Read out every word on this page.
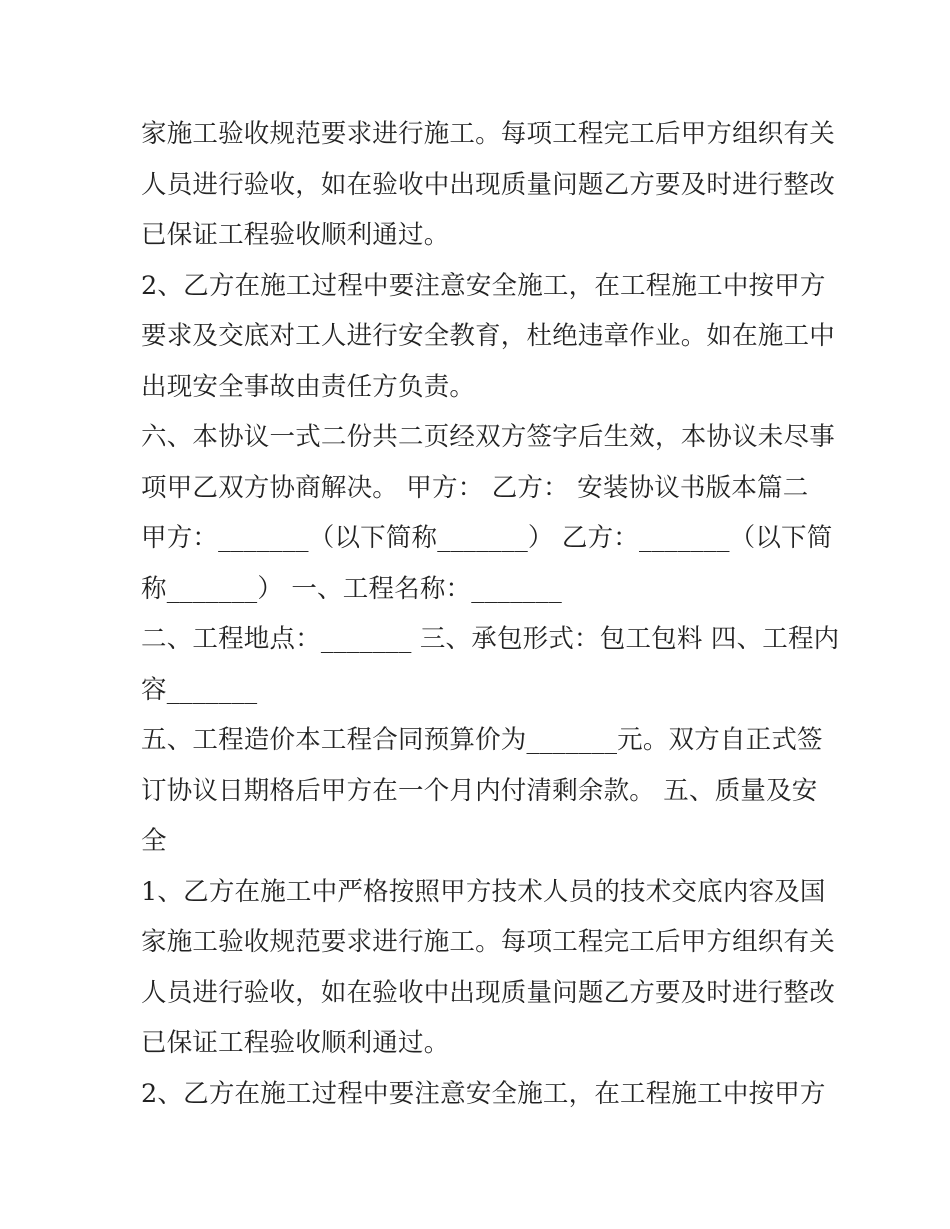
家施工验收规范要求进行施工。每项工程完工后甲方组织有关
人员进行验收，如在验收中出现质量问题乙方要及时进行整改
已保证工程验收顺利通过。
2、乙方在施工过程中要注意安全施工，在工程施工中按甲方
要求及交底对工人进行安全教育，杜绝违章作业。如在施工中
出现安全事故由责任方负责。
六、本协议一式二份共二页经双方签字后生效，本协议未尽事
项甲乙双方协商解决。 甲方： 乙方： 安装协议书版本篇二
甲方：_______（以下简称_______） 乙方：_______（以下简
称_______） 一、工程名称：_______
二、工程地点：_______ 三、承包形式：包工包料 四、工程内
容_______
五、工程造价本工程合同预算价为_______元。双方自正式签
订协议日期格后甲方在一个月内付清剩余款。 五、质量及安
全
1、乙方在施工中严格按照甲方技术人员的技术交底内容及国
家施工验收规范要求进行施工。每项工程完工后甲方组织有关
人员进行验收，如在验收中出现质量问题乙方要及时进行整改
已保证工程验收顺利通过。
2、乙方在施工过程中要注意安全施工，在工程施工中按甲方
